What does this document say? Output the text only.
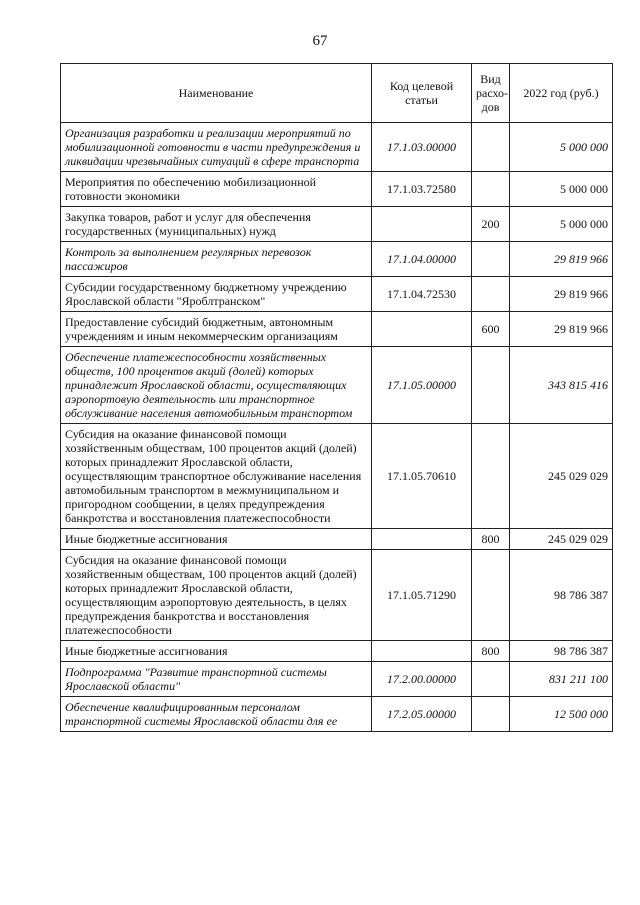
67
Наименование	Код целевой статьи	Вид расхо-дов	2022 год (руб.)
Организация разработки и реализации мероприятий по мобилизационной готовности в части предупреждения и ликвидации чрезвычайных ситуаций в сфере транспорта	17.1.03.00000		5 000 000
Мероприятия по обеспечению мобилизационной готовности экономики	17.1.03.72580		5 000 000
Закупка товаров, работ и услуг для обеспечения государственных (муниципальных) нужд		200	5 000 000
Контроль за выполнением регулярных перевозок пассажиров	17.1.04.00000		29 819 966
Субсидии государственному бюджетному учреждению Ярославской области "Яроблтранском"	17.1.04.72530		29 819 966
Предоставление субсидий бюджетным, автономным учреждениям и иным некоммерческим организациям		600	29 819 966
Обеспечение платежеспособности хозяйственных обществ, 100 процентов акций (долей) которых принадлежит Ярославской области, осуществляющих аэропортовую деятельность или транспортное обслуживание населения автомобильным транспортом	17.1.05.00000		343 815 416
Субсидия на оказание финансовой помощи хозяйственным обществам, 100 процентов акций (долей) которых принадлежит Ярославской области, осуществляющим транспортное обслуживание населения автомобильным транспортом в межмуниципальном и пригородном сообщении, в целях предупреждения банкротства и восстановления платежеспособности	17.1.05.70610		245 029 029
Иные бюджетные ассигнования		800	245 029 029
Субсидия на оказание финансовой помощи хозяйственным обществам, 100 процентов акций (долей) которых принадлежит Ярославской области, осуществляющим аэропортовую деятельность, в целях предупреждения банкротства и восстановления платежеспособности	17.1.05.71290		98 786 387
Иные бюджетные ассигнования		800	98 786 387
Подпрограмма "Развитие транспортной системы Ярославской области"	17.2.00.00000		831 211 100
Обеспечение квалифицированным персоналом транспортной системы Ярославской области для ее	17.2.05.00000		12 500 000
